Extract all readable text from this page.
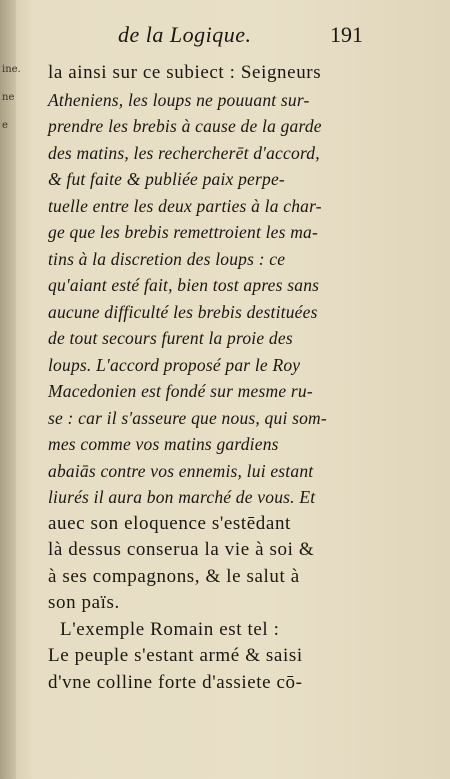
ine.
ne
e
de la Logique.	191
la ainsi sur ce subiect : Seigneurs
Atheniens, les loups ne pouuant sur-
prendre les brebis à cause de la garde
des matins, les rechercherēt d'accord,
& fut faite & publiée paix perpe-
tuelle entre les deux parties à la char-
ge que les brebis remettroient les ma-
tins à la discretion des loups : ce
qu'aiant esté fait, bien tost apres sans
aucune difficulté les brebis destituées
de tout secours furent la proie des
loups. L'accord proposé par le Roy
Macedonien est fondé sur mesme ru-
se : car il s'asseure que nous, qui som-
mes comme vos matins gardiens
abaiās contre vos ennemis, lui estant
liurés il aura bon marché de vous. Et
auec son eloquence s'estēdant
là dessus conserua la vie à soi &
à ses compagnons, & le salut à
son païs.
L'exemple Romain est tel :
Le peuple s'estant armé & saisi
d'vne colline forte d'assiete cō-
